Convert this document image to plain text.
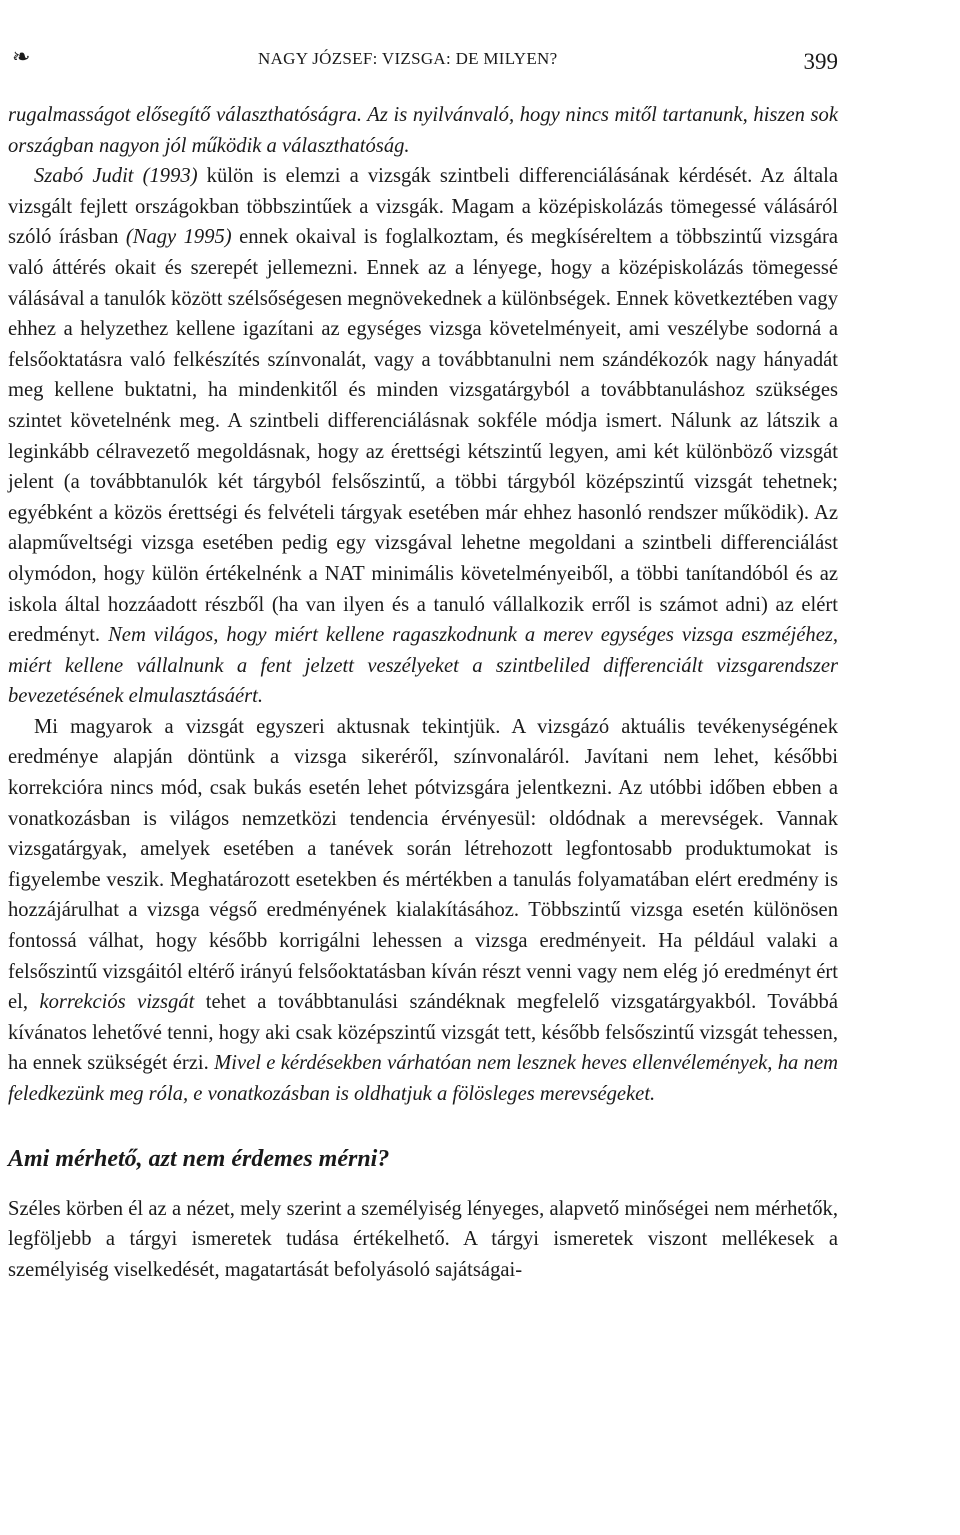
❧	NAGY JÓZSEF: VIZSGA: DE MILYEN?	399

rugalmasságot elősegítő választhatóságra. Az is nyilvánvaló, hogy nincs mitől tartanunk, hiszen sok országban nagyon jól működik a választhatóság.

Szabó Judit (1993) külön is elemzi a vizsgák szintbeli differenciálásának kérdését. Az általa vizsgált fejlett országokban többszintűek a vizsgák. Magam a középiskolázás tömegessé válásáról szóló írásban (Nagy 1995) ennek okaival is foglalkoztam, és megkíséreltem a többszintű vizsgára való áttérés okait és szerepét jellemezni. Ennek az a lényege, hogy a középiskolázás tömegessé válásával a tanulók között szélsőségesen megnövekednek a különbségek. Ennek következtében vagy ehhez a helyzethez kellene igazítani az egységes vizsga követelményeit, ami veszélybe sodorná a felsőoktatásra való felkészítés színvonalát, vagy a továbbtanulni nem szándékozók nagy hányadát meg kellene buktatni, ha mindenkitől és minden vizsgatárgyból a továbbtanuláshoz szükséges szintet követelnénk meg. A szintbeli differenciálásnak sokféle módja ismert. Nálunk az látszik a leginkább célravezető megoldásnak, hogy az érettségi kétszintű legyen, ami két különböző vizsgát jelent (a továbbtanulók két tárgyból felsőszintű, a többi tárgyból középszintű vizsgát tehetnek; egyébként a közös érettségi és felvételi tárgyak esetében már ehhez hasonló rendszer működik). Az alapműveltségi vizsga esetében pedig egy vizsgával lehetne megoldani a szintbeli differenciálást olymódon, hogy külön értékelnénk a NAT minimális követelményeiből, a többi tanítandóból és az iskola által hozzáadott részből (ha van ilyen és a tanuló vállalkozik erről is számot adni) az elért eredményt. Nem világos, hogy miért kellene ragaszkodnunk a merev egységes vizsga eszméjéhez, miért kellene vállalnunk a fent jelzett veszélyeket a szintbeliled differenciált vizsgarendszer bevezetésének elmulasztásáért.

Mi magyarok a vizsgát egyszeri aktusnak tekintjük. A vizsgázó aktuális tevékenységének eredménye alapján döntünk a vizsga sikeréről, színvonaláról. Javítani nem lehet, későbbi korrekcióra nincs mód, csak bukás esetén lehet pótvizsgára jelentkezni. Az utóbbi időben ebben a vonatkozásban is világos nemzetközi tendencia érvényesül: oldódnak a merevségek. Vannak vizsgatárgyak, amelyek esetében a tanévek során létrehozott legfontosabb produktumokat is figyelembe veszik. Meghatározott esetekben és mértékben a tanulás folyamatában elért eredmény is hozzájárulhat a vizsga végső eredményének kialakításához. Többszintű vizsga esetén különösen fontossá válhat, hogy később korrigálni lehessen a vizsga eredményeit. Ha például valaki a felsőszintű vizsgáitól eltérő irányú felsőoktatásban kíván részt venni vagy nem elég jó eredményt ért el, korrekciós vizsgát tehet a továbbtanulási szándéknak megfelelő vizsgatárgyakból. Továbbá kívánatos lehetővé tenni, hogy aki csak középszintű vizsgát tett, később felsőszintű vizsgát tehessen, ha ennek szükségét érzi. Mivel e kérdésekben várhatóan nem lesznek heves ellenvélemények, ha nem feledkezünk meg róla, e vonatkozásban is oldhatjuk a fölösleges merevségeket.

Ami mérhető, azt nem érdemes mérni?

Széles körben él az a nézet, mely szerint a személyiség lényeges, alapvető minőségei nem mérhetők, legföljebb a tárgyi ismeretek tudása értékelhető. A tárgyi ismeretek viszont mellékesek a személyiség viselkedését, magatartását befolyásoló sajátságai-
